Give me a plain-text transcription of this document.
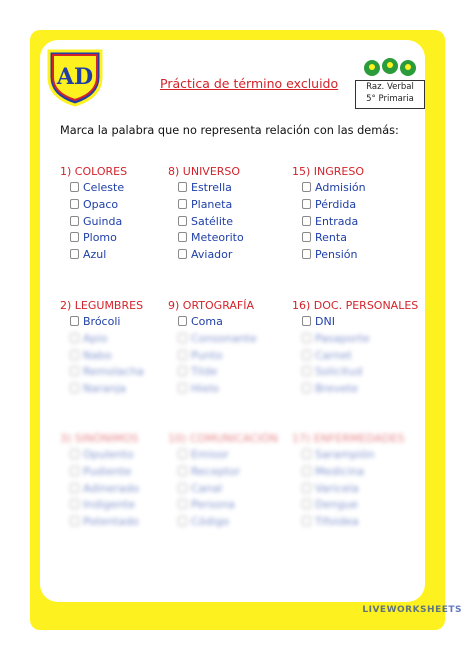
AD	Práctica de término excluido	Raz. Verbal
5° Primaria
Marca la palabra que no representa relación con las demás:
1) COLORES
Celeste
Opaco
Guinda
Plomo
Azul
8) UNIVERSO
Estrella
Planeta
Satélite
Meteorito
Aviador
15) INGRESO
Admisión
Pérdida
Entrada
Renta
Pensión
2) LEGUMBRES
Brócoli
Apio
Nabo
Remolacha
Naranja
9) ORTOGRAFÍA
Coma
Consonante
Punto
Tilde
Hielo
16) DOC. PERSONALES
DNI
Pasaporte
Carnet
Solicitud
Brevete
3) SINÓNIMOS
Opulento
Pudiente
Adinerado
Indigente
Potentado
10) COMUNICACIÓN
Emisor
Receptor
Canal
Persona
Código
17) ENFERMEDADES
Sarampión
Medicina
Varicela
Dengue
Tifoidea
LIVEWORKSHEETS
